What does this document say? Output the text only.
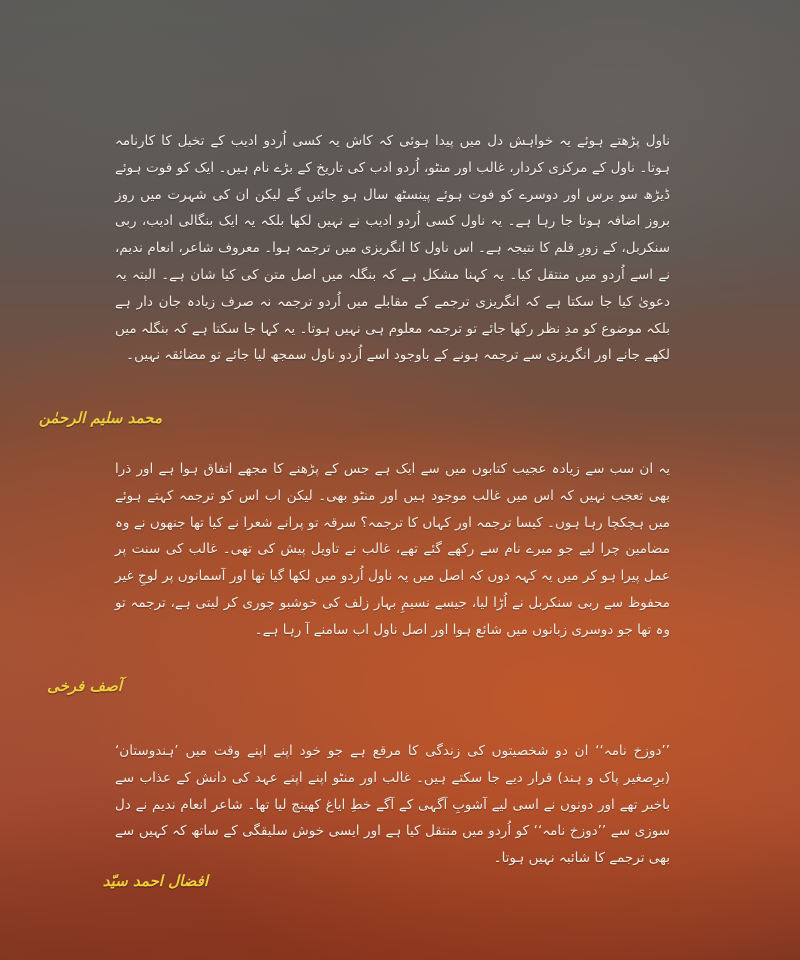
ناول پڑھتے ہوئے یہ خواہش دل میں پیدا ہوئی کہ کاش یہ کسی اُردو ادیب کے تخیل کا کارنامہ ہوتا۔ ناول کے مرکزی کردار، غالب اور منٹو، اُردو ادب کی تاریخ کے بڑے نام ہیں۔ ایک کو فوت ہوئے ڈیڑھ سو برس اور دوسرے کو فوت ہوئے پینسٹھ سال ہو جائیں گے لیکن ان کی شہرت میں روز بروز اضافہ ہوتا جا رہا ہے۔ یہ ناول کسی اُردو ادیب نے نہیں لکھا بلکہ یہ ایک بنگالی ادیب، ربی سنکربل، کے زورِ قلم کا نتیجہ ہے۔ اس ناول کا انگریزی میں ترجمہ ہوا۔ معروف شاعر، انعام ندیم، نے اسے اُردو میں منتقل کیا۔ یہ کہنا مشکل ہے کہ بنگلہ میں اصل متن کی کیا شان ہے۔ البتہ یہ دعویٰ کیا جا سکتا ہے کہ انگریزی ترجمے کے مقابلے میں اُردو ترجمہ نہ صرف زیادہ جان دار ہے بلکہ موضوع کو مدِ نظر رکھا جائے تو ترجمہ معلوم ہی نہیں ہوتا۔ یہ کہا جا سکتا ہے کہ بنگلہ میں لکھے جانے اور انگریزی سے ترجمہ ہونے کے باوجود اسے اُردو ناول سمجھ لیا جائے تو مضائقہ نہیں۔

محمد سلیم الرحمٰن

یہ ان سب سے زیادہ عجیب کتابوں میں سے ایک ہے جس کے پڑھنے کا مجھے اتفاق ہوا ہے اور ذرا بھی تعجب نہیں کہ اس میں غالب موجود ہیں اور منٹو بھی۔ لیکن اب اس کو ترجمہ کہتے ہوئے میں ہچکچا رہا ہوں۔ کیسا ترجمہ اور کہاں کا ترجمہ؟ سرقہ تو پرانے شعرا نے کیا تھا جنھوں نے وہ مضامین چرا لیے جو میرے نام سے رکھے گئے تھے، غالب نے تاویل پیش کی تھی۔ غالب کی سنت پر عمل پیرا ہو کر میں یہ کہہ دوں کہ اصل میں یہ ناول اُردو میں لکھا گیا تھا اور آسمانوں پر لوحِ غیر محفوظ سے ربی سنکربل نے اُڑا لیا، جیسے نسیمِ بہار زلف کی خوشبو چوری کر لیتی ہے، ترجمہ تو وہ تھا جو دوسری زبانوں میں شائع ہوا اور اصل ناول اب سامنے آ رہا ہے۔

آصف فرخی

’’دوزخ نامہ‘‘ ان دو شخصیتوں کی زندگی کا مرقع ہے جو خود اپنے اپنے وقت میں ’ہندوستان‘ (برِصغیر پاک و ہند) قرار دیے جا سکتے ہیں۔ غالب اور منٹو اپنے اپنے عہد کی دانش کے عذاب سے باخبر تھے اور دونوں نے اسی لیے آشوبِ آگہی کے آگے خطِ ایاغ کھینچ لیا تھا۔ شاعر انعام ندیم نے دل سوزی سے ’’دوزخ نامہ‘‘ کو اُردو میں منتقل کیا ہے اور ایسی خوش سلیقگی کے ساتھ کہ کہیں سے بھی ترجمے کا شائبہ نہیں ہوتا۔

افضال احمد سیّد
